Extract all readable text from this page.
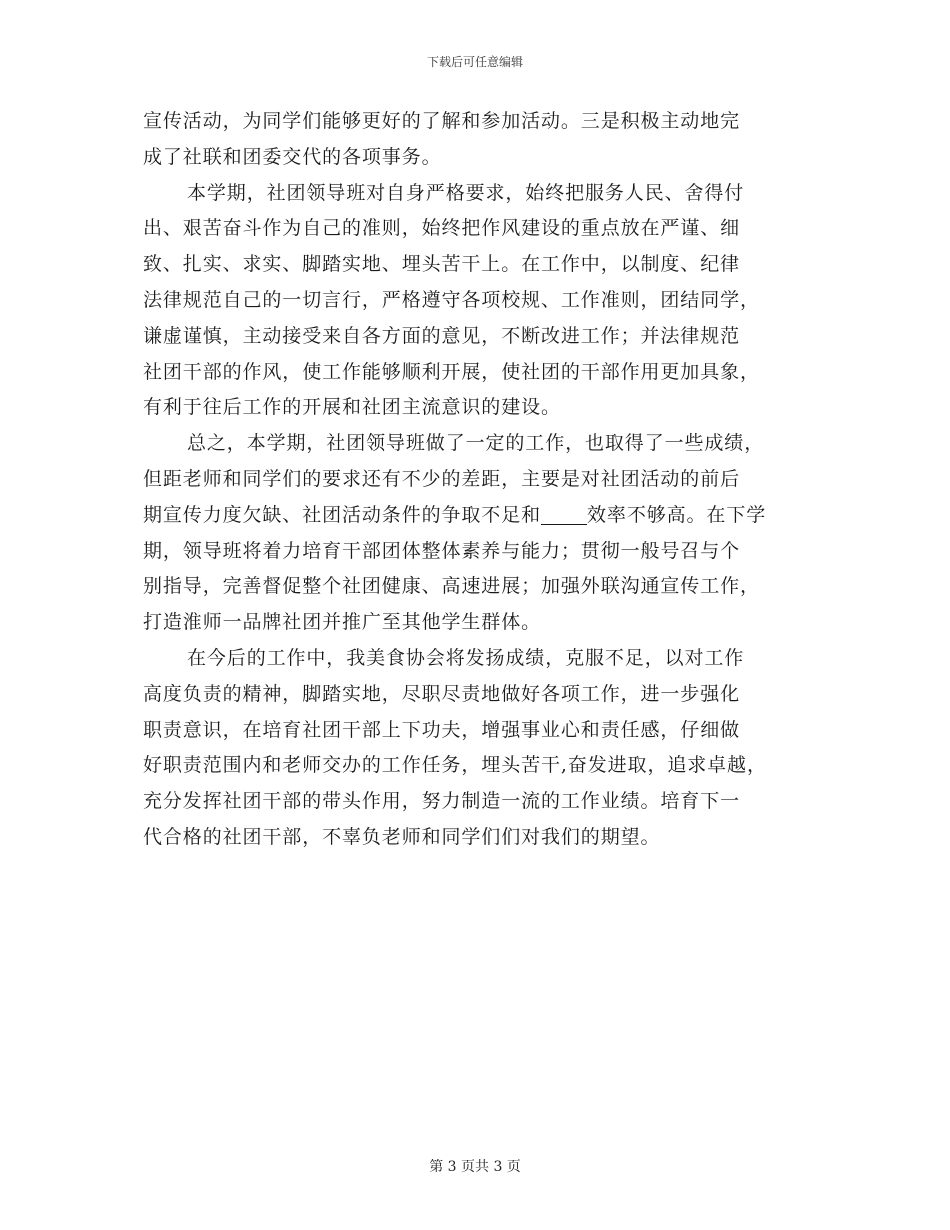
下载后可任意编辑
宣传活动，为同学们能够更好的了解和参加活动。三是积极主动地完
成了社联和团委交代的各项事务。
本学期，社团领导班对自身严格要求，始终把服务人民、舍得付
出、艰苦奋斗作为自己的准则，始终把作风建设的重点放在严谨、细
致、扎实、求实、脚踏实地、埋头苦干上。在工作中，以制度、纪律
法律规范自己的一切言行，严格遵守各项校规、工作准则，团结同学，
谦虚谨慎，主动接受来自各方面的意见，不断改进工作；并法律规范
社团干部的作风，使工作能够顺利开展，使社团的干部作用更加具象，
有利于往后工作的开展和社团主流意识的建设。
总之，本学期，社团领导班做了一定的工作，也取得了一些成绩，
但距老师和同学们的要求还有不少的差距，主要是对社团活动的前后
期宣传力度欠缺、社团活动条件的争取不足和 效率不够高。在下学
期，领导班将着力培育干部团体整体素养与能力；贯彻一般号召与个
别指导，完善督促整个社团健康、高速进展；加强外联沟通宣传工作，
打造淮师一品牌社团并推广至其他学生群体。
在今后的工作中，我美食协会将发扬成绩，克服不足，以对工作
高度负责的精神，脚踏实地，尽职尽责地做好各项工作，进一步强化
职责意识，在培育社团干部上下功夫，增强事业心和责任感，仔细做
好职责范围内和老师交办的工作任务，埋头苦干,奋发进取，追求卓越，
充分发挥社团干部的带头作用，努力制造一流的工作业绩。培育下一
代合格的社团干部，不辜负老师和同学们们对我们的期望。
第 3 页共 3 页
